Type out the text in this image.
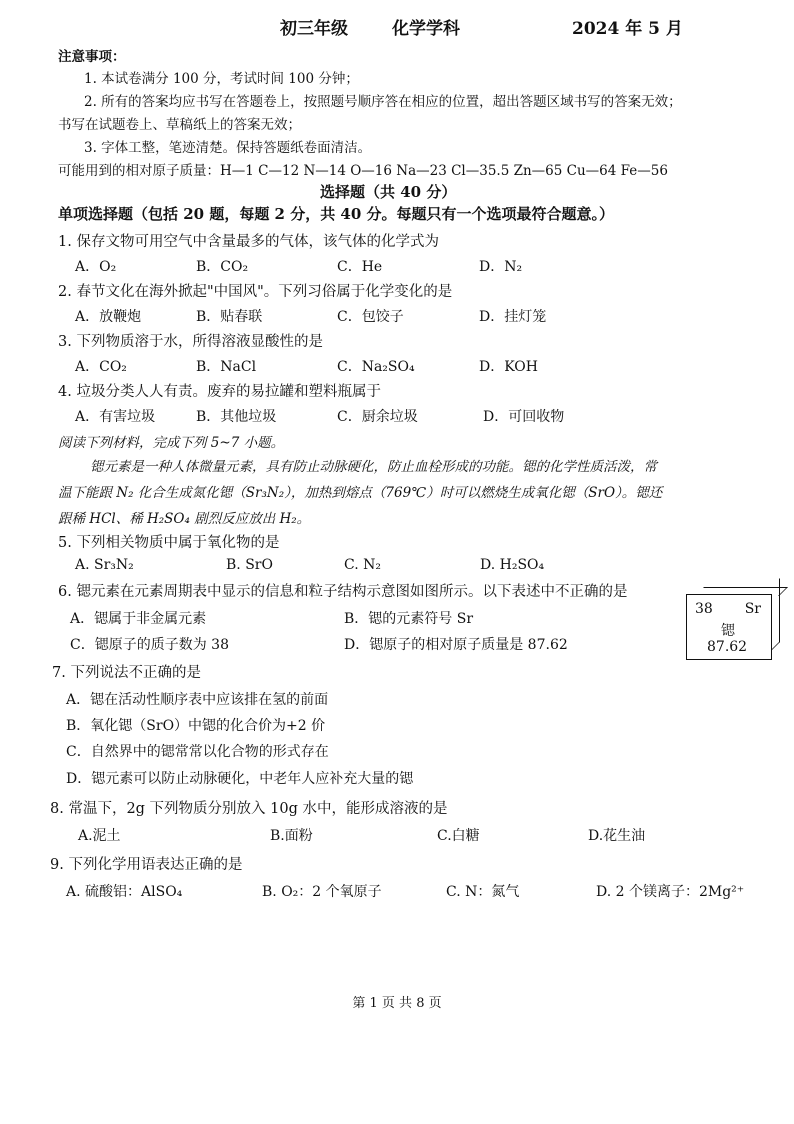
初三年级	化学学科	2024 年 5 月
注意事项：
1. 本试卷满分 100 分，考试时间 100 分钟；
2. 所有的答案均应书写在答题卷上，按照题号顺序答在相应的位置，超出答题区域书写的答案无效；
书写在试题卷上、草稿纸上的答案无效；
3. 字体工整，笔迹清楚。保持答题纸卷面清洁。
可能用到的相对原子质量：H—1 C—12 N—14 O—16 Na—23 Cl—35.5 Zn—65 Cu—64 Fe—56
选择题（共 40 分）
单项选择题（包括 20 题，每题 2 分，共 40 分。每题只有一个选项最符合题意。）
1. 保存文物可用空气中含量最多的气体，该气体的化学式为
A．O₂	B．CO₂	C．He	D．N₂
2. 春节文化在海外掀起"中国风"。下列习俗属于化学变化的是
A．放鞭炮	B．贴春联	C．包饺子	D．挂灯笼
3. 下列物质溶于水，所得溶液显酸性的是
A．CO₂	B．NaCl	C．Na₂SO₄	D．KOH
4. 垃圾分类人人有责。废弃的易拉罐和塑料瓶属于
A．有害垃圾	B．其他垃圾	C．厨余垃圾	D．可回收物
阅读下列材料，完成下列 5~7 小题。
锶元素是一种人体微量元素，具有防止动脉硬化，防止血栓形成的功能。锶的化学性质活泼，常
温下能跟 N₂ 化合生成氮化锶（Sr₃N₂），加热到熔点（769℃）时可以燃烧生成氧化锶（SrO）。锶还
跟稀 HCl、稀 H₂SO₄ 剧烈反应放出 H₂。
5. 下列相关物质中属于氧化物的是
A. Sr₃N₂	B. SrO	C. N₂	D. H₂SO₄
6. 锶元素在元素周期表中显示的信息和粒子结构示意图如图所示。以下表述中不正确的是
A．锶属于非金属元素	B．锶的元素符号 Sr
C．锶原子的质子数为 38	D．锶原子的相对原子质量是 87.62
38 Sr
锶
87.62
7. 下列说法不正确的是
A．锶在活动性顺序表中应该排在氢的前面
B．氧化锶（SrO）中锶的化合价为+2 价
C．自然界中的锶常常以化合物的形式存在
D．锶元素可以防止动脉硬化，中老年人应补充大量的锶
8. 常温下，2g 下列物质分别放入 10g 水中，能形成溶液的是
A.泥土	B.面粉	C.白糖	D.花生油
9. 下列化学用语表达正确的是
A. 硫酸铝：AlSO₄	B. O₂：2 个氧原子	C. N：氮气	D. 2 个镁离子：2Mg²⁺
第 1 页 共 8 页
